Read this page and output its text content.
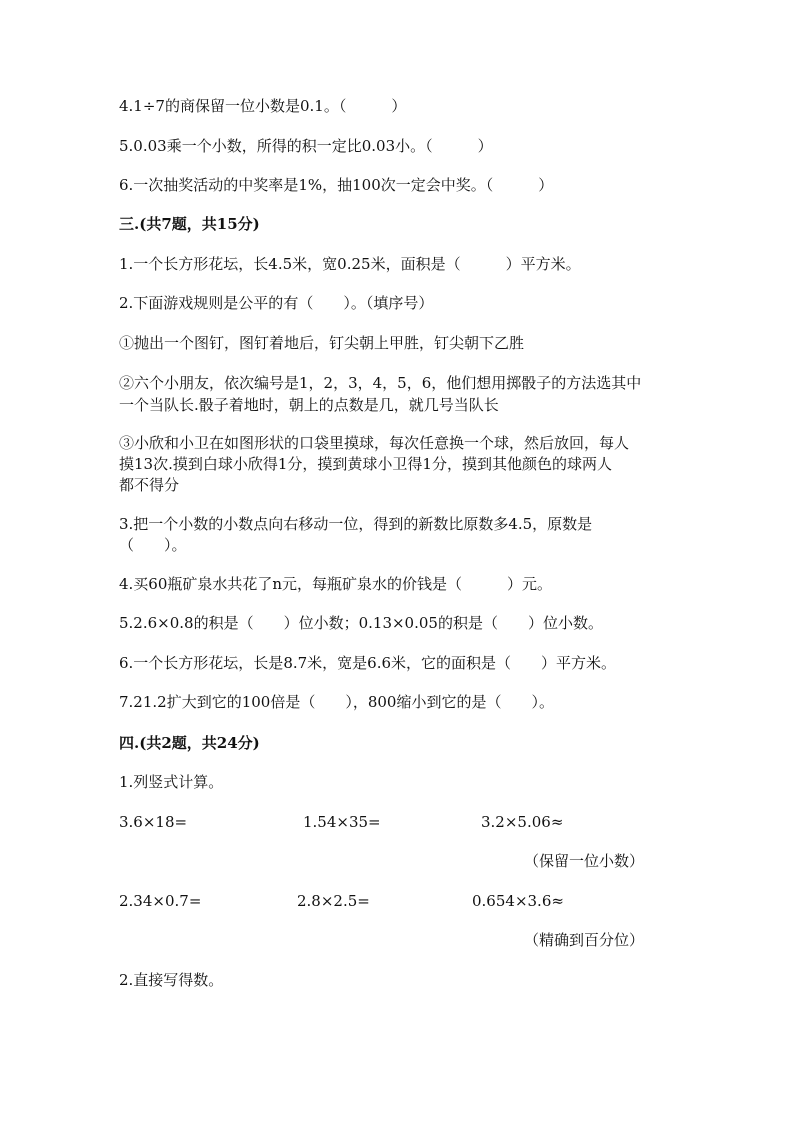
4.1÷7的商保留一位小数是0.1。（　　　）
5.0.03乘一个小数，所得的积一定比0.03小。（　　　）
6.一次抽奖活动的中奖率是1%，抽100次一定会中奖。（　　　）
三.(共7题，共15分)
1.一个长方形花坛，长4.5米，宽0.25米，面积是（　　　）平方米。
2.下面游戏规则是公平的有（　　）。（填序号）
①抛出一个图钉，图钉着地后，钉尖朝上甲胜，钉尖朝下乙胜
②六个小朋友，依次编号是1，2，3，4，5，6，他们想用掷骰子的方法选其中
一个当队长.骰子着地时，朝上的点数是几，就几号当队长
③小欣和小卫在如图形状的口袋里摸球，每次任意换一个球，然后放回，每人
摸13次.摸到白球小欣得1分，摸到黄球小卫得1分，摸到其他颜色的球两人
都不得分
3.把一个小数的小数点向右移动一位，得到的新数比原数多4.5，原数是
（　　）。
4.买60瓶矿泉水共花了n元，每瓶矿泉水的价钱是（　　　）元。
5.2.6×0.8的积是（　　）位小数；0.13×0.05的积是（　　）位小数。
6.一个长方形花坛，长是8.7米，宽是6.6米，它的面积是（　　）平方米。
7.21.2扩大到它的100倍是（　　），800缩小到它的是（　　）。
四.(共2题，共24分)
1.列竖式计算。
3.6×18=	1.54×35=	3.2×5.06≈
（保留一位小数）
2.34×0.7=	2.8×2.5=	0.654×3.6≈
（精确到百分位）
2.直接写得数。
